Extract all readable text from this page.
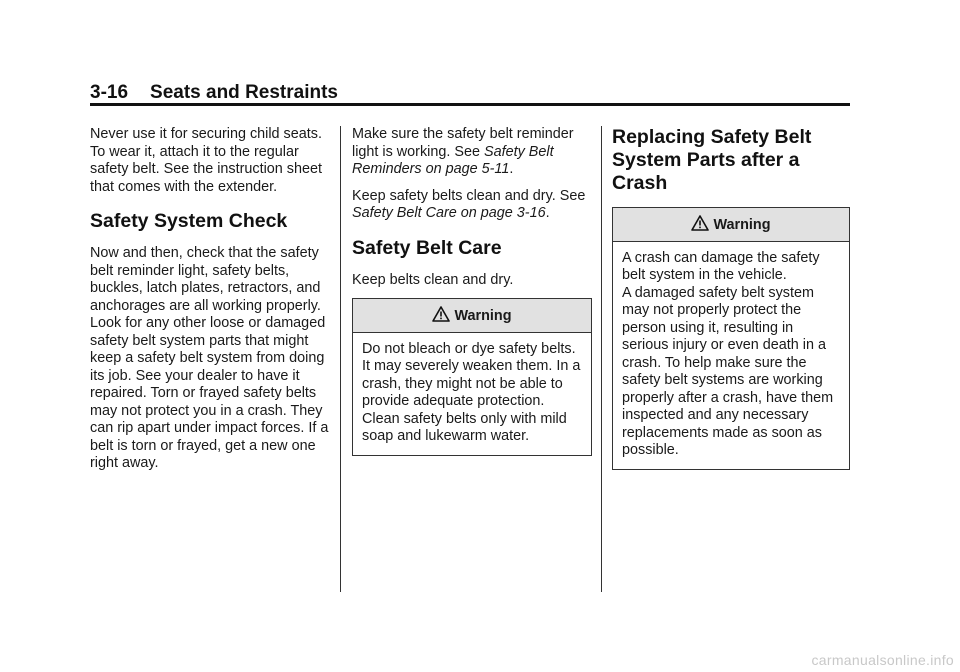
3-16 Seats and Restraints

Never use it for securing child seats. To wear it, attach it to the regular safety belt. See the instruction sheet that comes with the extender.

Safety System Check

Now and then, check that the safety belt reminder light, safety belts, buckles, latch plates, retractors, and anchorages are all working properly. Look for any other loose or damaged safety belt system parts that might keep a safety belt system from doing its job. See your dealer to have it repaired. Torn or frayed safety belts may not protect you in a crash. They can rip apart under impact forces. If a belt is torn or frayed, get a new one right away.

Make sure the safety belt reminder light is working. See Safety Belt Reminders on page 5-11.

Keep safety belts clean and dry. See Safety Belt Care on page 3-16.

Safety Belt Care

Keep belts clean and dry.

Warning

Do not bleach or dye safety belts. It may severely weaken them. In a crash, they might not be able to provide adequate protection. Clean safety belts only with mild soap and lukewarm water.

Replacing Safety Belt System Parts after a Crash
Warning

A crash can damage the safety belt system in the vehicle.

A damaged safety belt system may not properly protect the person using it, resulting in serious injury or even death in a crash. To help make sure the safety belt systems are working properly after a crash, have them inspected and any necessary replacements made as soon as possible.

carmanualsonline.info
